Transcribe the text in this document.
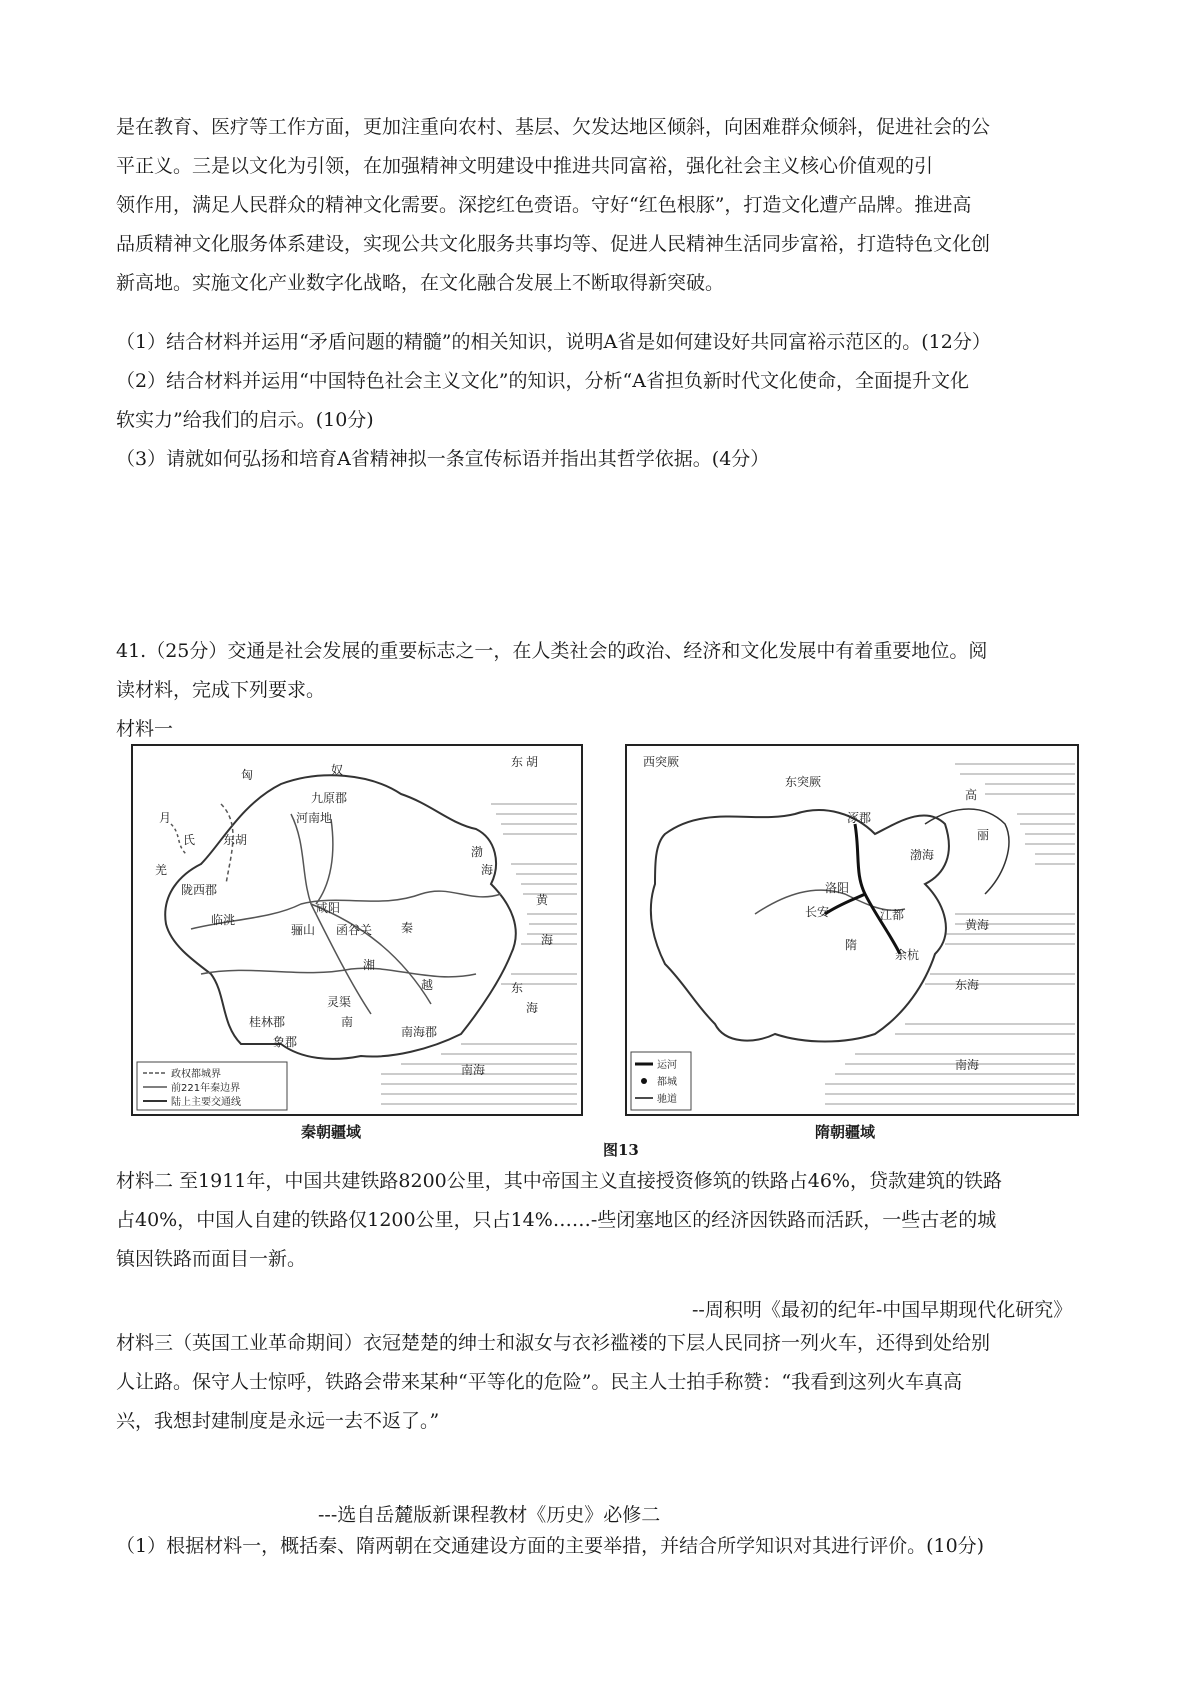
是在教育、医疗等工作方面，更加注重向农村、基层、欠发达地区倾斜，向困难群众倾斜，促进社会的公
平正义。三是以文化为引领，在加强精神文明建设中推进共同富裕，强化社会主义核心价值观的引
领作用，满足人民群众的精神文化需要。深挖红色赍语。守好“红色根豚”，打造文化遭产品牌。推进高
品质精神文化服务体系建设，实现公共文化服务共事均等、促进人民精神生活同步富裕，打造特色文化创
新高地。实施文化产业数字化战略，在文化融合发展上不断取得新突破。

（1）结合材料并运用“矛盾问题的精髓”的相关知识，说明A省是如何建设好共同富裕示范区的。(12分）
（2）结合材料并运用“中国特色社会主义文化”的知识，分析“A省担负新时代文化使命，全面提升文化
软实力”给我们的启示。(10分)
（3）请就如何弘扬和培育A省精神拟一条宣传标语并指出其哲学依据。(4分）

41.（25分）交通是社会发展的重要标志之一，在人类社会的政治、经济和文化发展中有着重要地位。阅
读材料，完成下列要求。
材料一

匈	奴
东 胡
九原郡
河南地
月
氏 东胡
羌
陇西郡
临洮
咸阳
骊山 函谷关 秦
渤
海
黄
海
东
海
湘
越
灵渠
南
桂林郡
象郡
南海郡
南海
政权都城界
前221年秦边界
陆上主要交通线
秦朝疆域
西突厥
东突厥
涿郡
洛阳
长安	江都
余杭
隋
渤海
黄海
东海
南海
高
丽
运河
都城
驰道
隋朝疆域
图13

材料二 至1911年，中国共建铁路8200公里，其中帝国主义直接授资修筑的铁路占46%，贷款建筑的铁路
占40%，中国人自建的铁路仅1200公里，只占14%……-些闭塞地区的经济因铁路而活跃，一些古老的城
镇因铁路而面目一新。

--周积明《最初的纪年-中国早期现代化研究》

材料三（英国工业革命期间）衣冠楚楚的绅士和淑女与衣衫褴褛的下层人民同挤一列火车，还得到处给别
人让路。保守人士惊呼，铁路会带来某种“平等化的危险”。民主人士拍手称赞：“我看到这列火车真高
兴，我想封建制度是永远一去不返了。”

---选自岳麓版新课程教材《历史》必修二

（1）根据材料一，概括秦、隋两朝在交通建设方面的主要举措，并结合所学知识对其进行评价。(10分)
